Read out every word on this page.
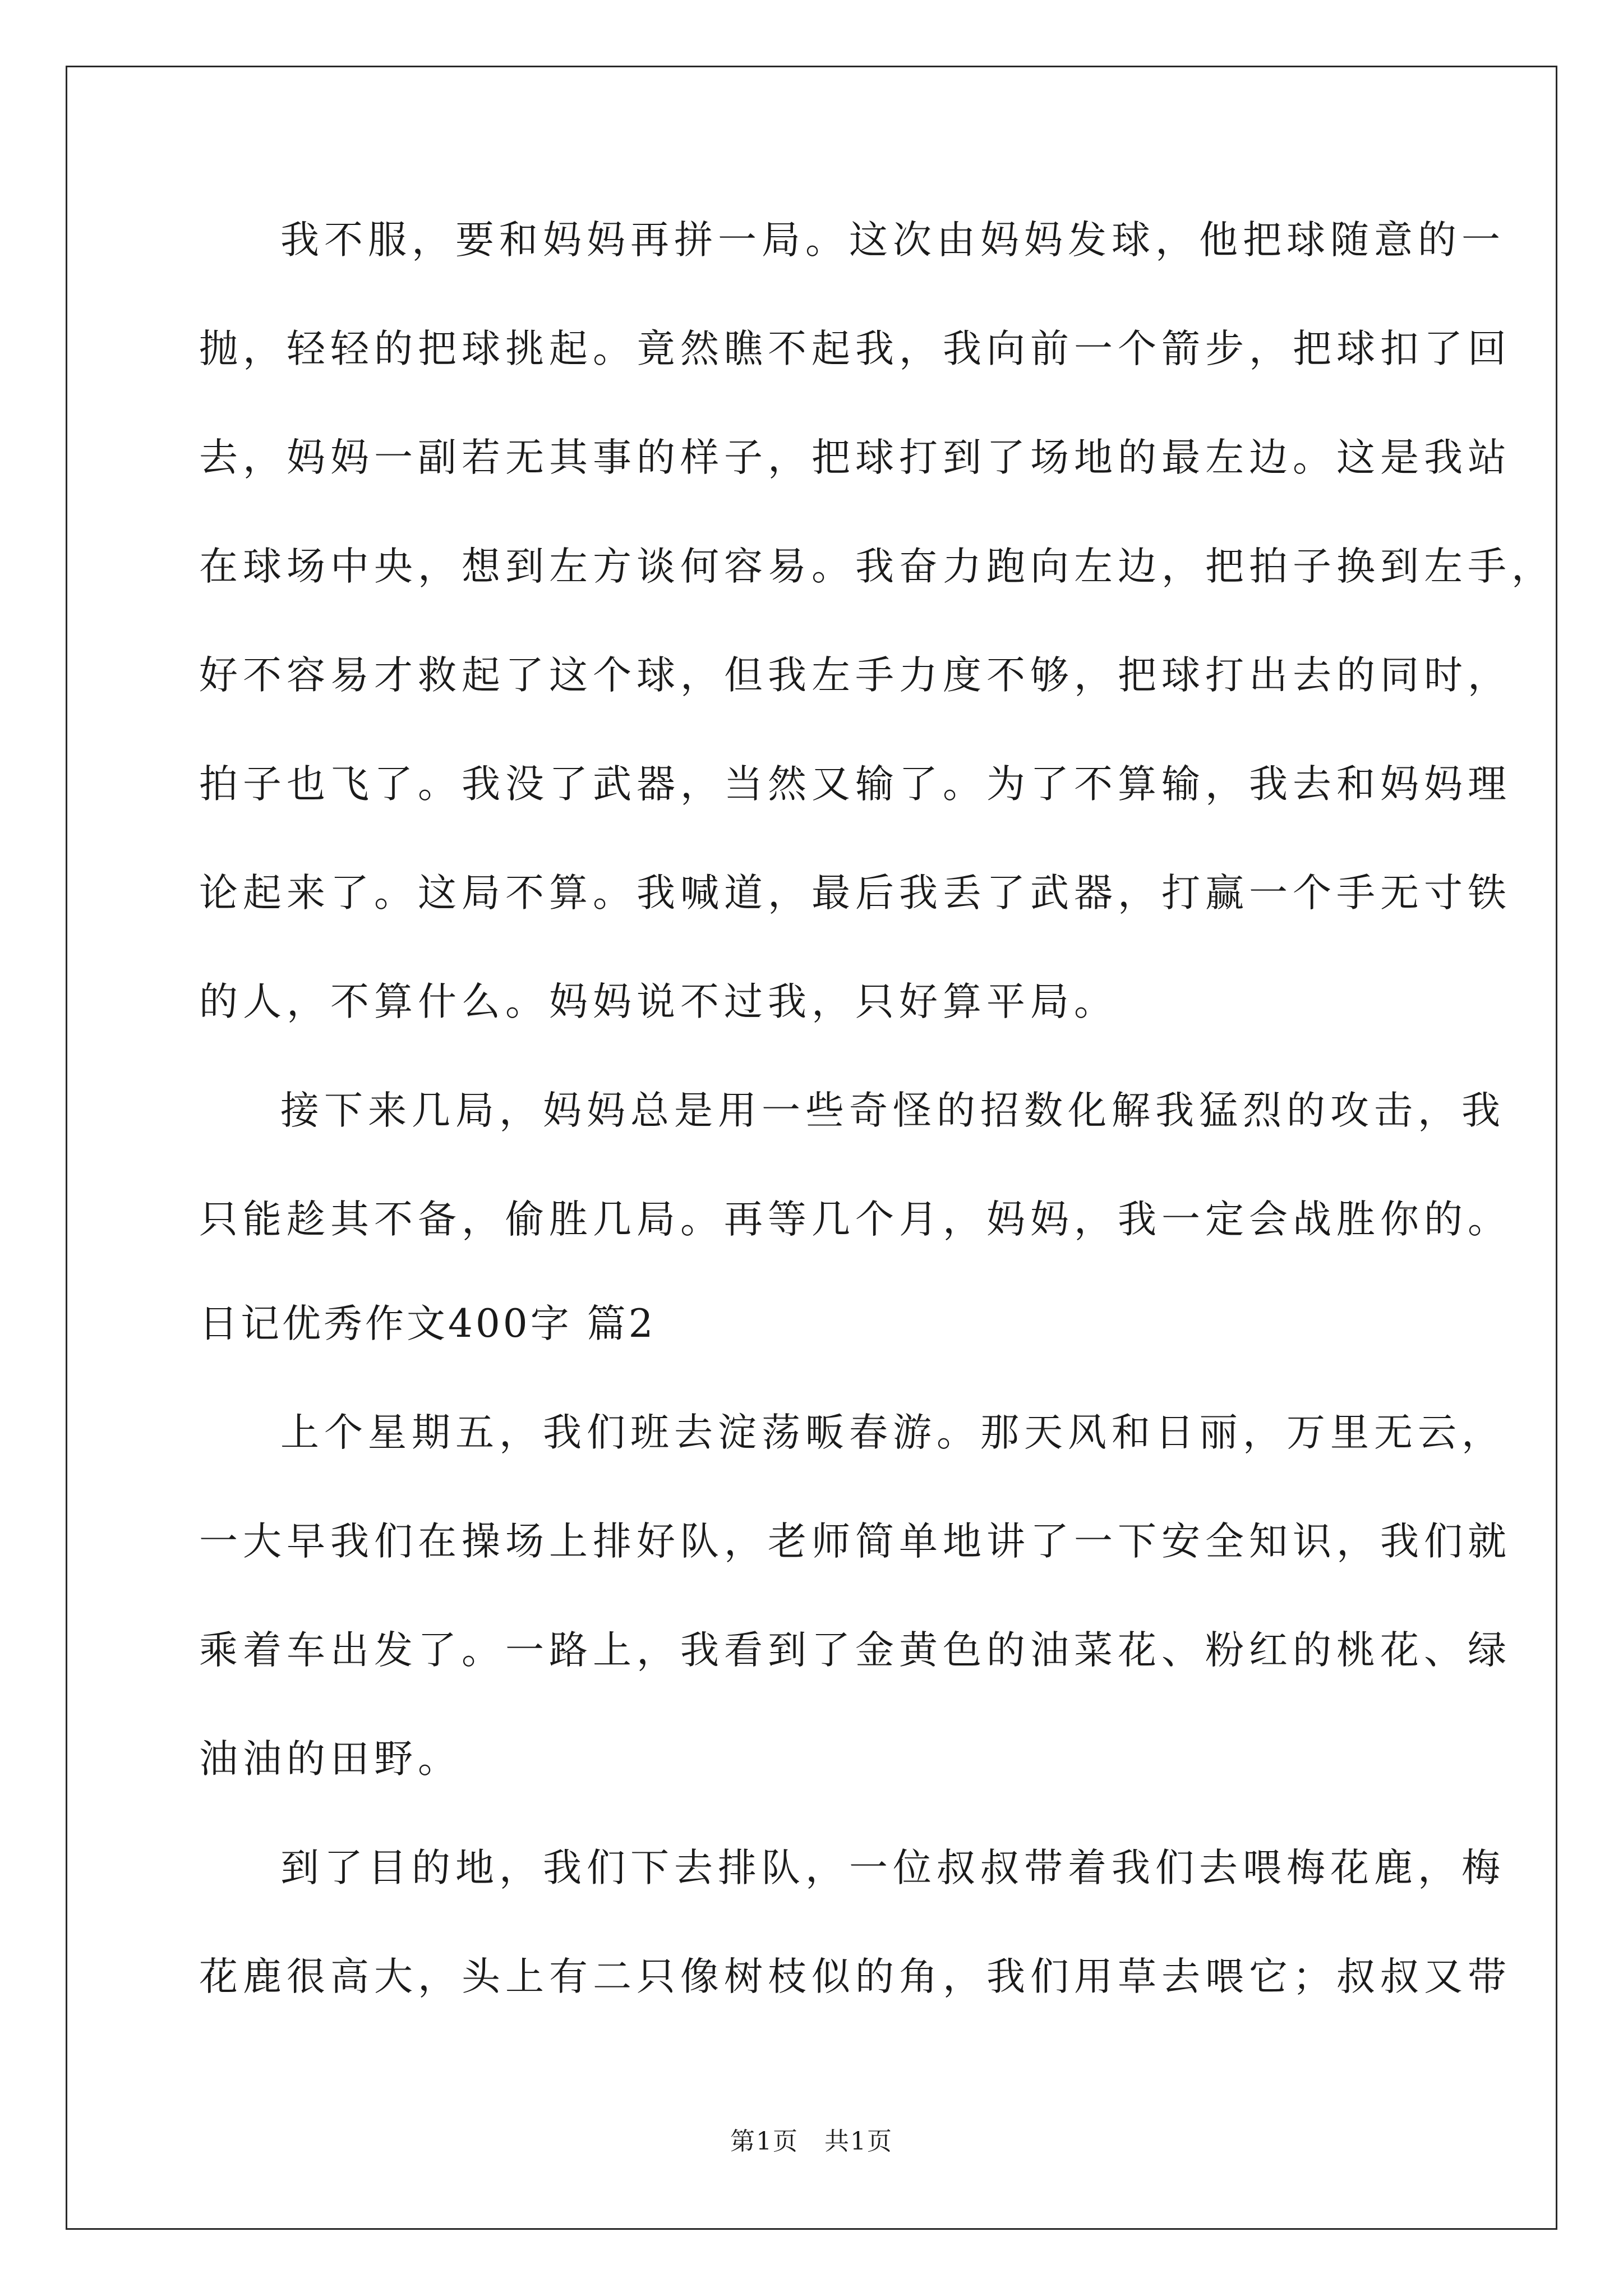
我不服，要和妈妈再拼一局。这次由妈妈发球，他把球随意的一
抛，轻轻的把球挑起。竟然瞧不起我，我向前一个箭步，把球扣了回
去，妈妈一副若无其事的样子，把球打到了场地的最左边。这是我站
在球场中央，想到左方谈何容易。我奋力跑向左边，把拍子换到左手，
好不容易才救起了这个球，但我左手力度不够，把球打出去的同时，
拍子也飞了。我没了武器，当然又输了。为了不算输，我去和妈妈理
论起来了。这局不算。我喊道，最后我丢了武器，打赢一个手无寸铁
的人，不算什么。妈妈说不过我，只好算平局。
接下来几局，妈妈总是用一些奇怪的招数化解我猛烈的攻击，我
只能趁其不备，偷胜几局。再等几个月，妈妈，我一定会战胜你的。
日记优秀作文400字 篇2
上个星期五，我们班去淀荡畈春游。那天风和日丽，万里无云，
一大早我们在操场上排好队，老师简单地讲了一下安全知识，我们就
乘着车出发了。一路上，我看到了金黄色的油菜花、粉红的桃花、绿
油油的田野。
到了目的地，我们下去排队，一位叔叔带着我们去喂梅花鹿，梅
花鹿很高大，头上有二只像树枝似的角，我们用草去喂它；叔叔又带
第1页　共1页
